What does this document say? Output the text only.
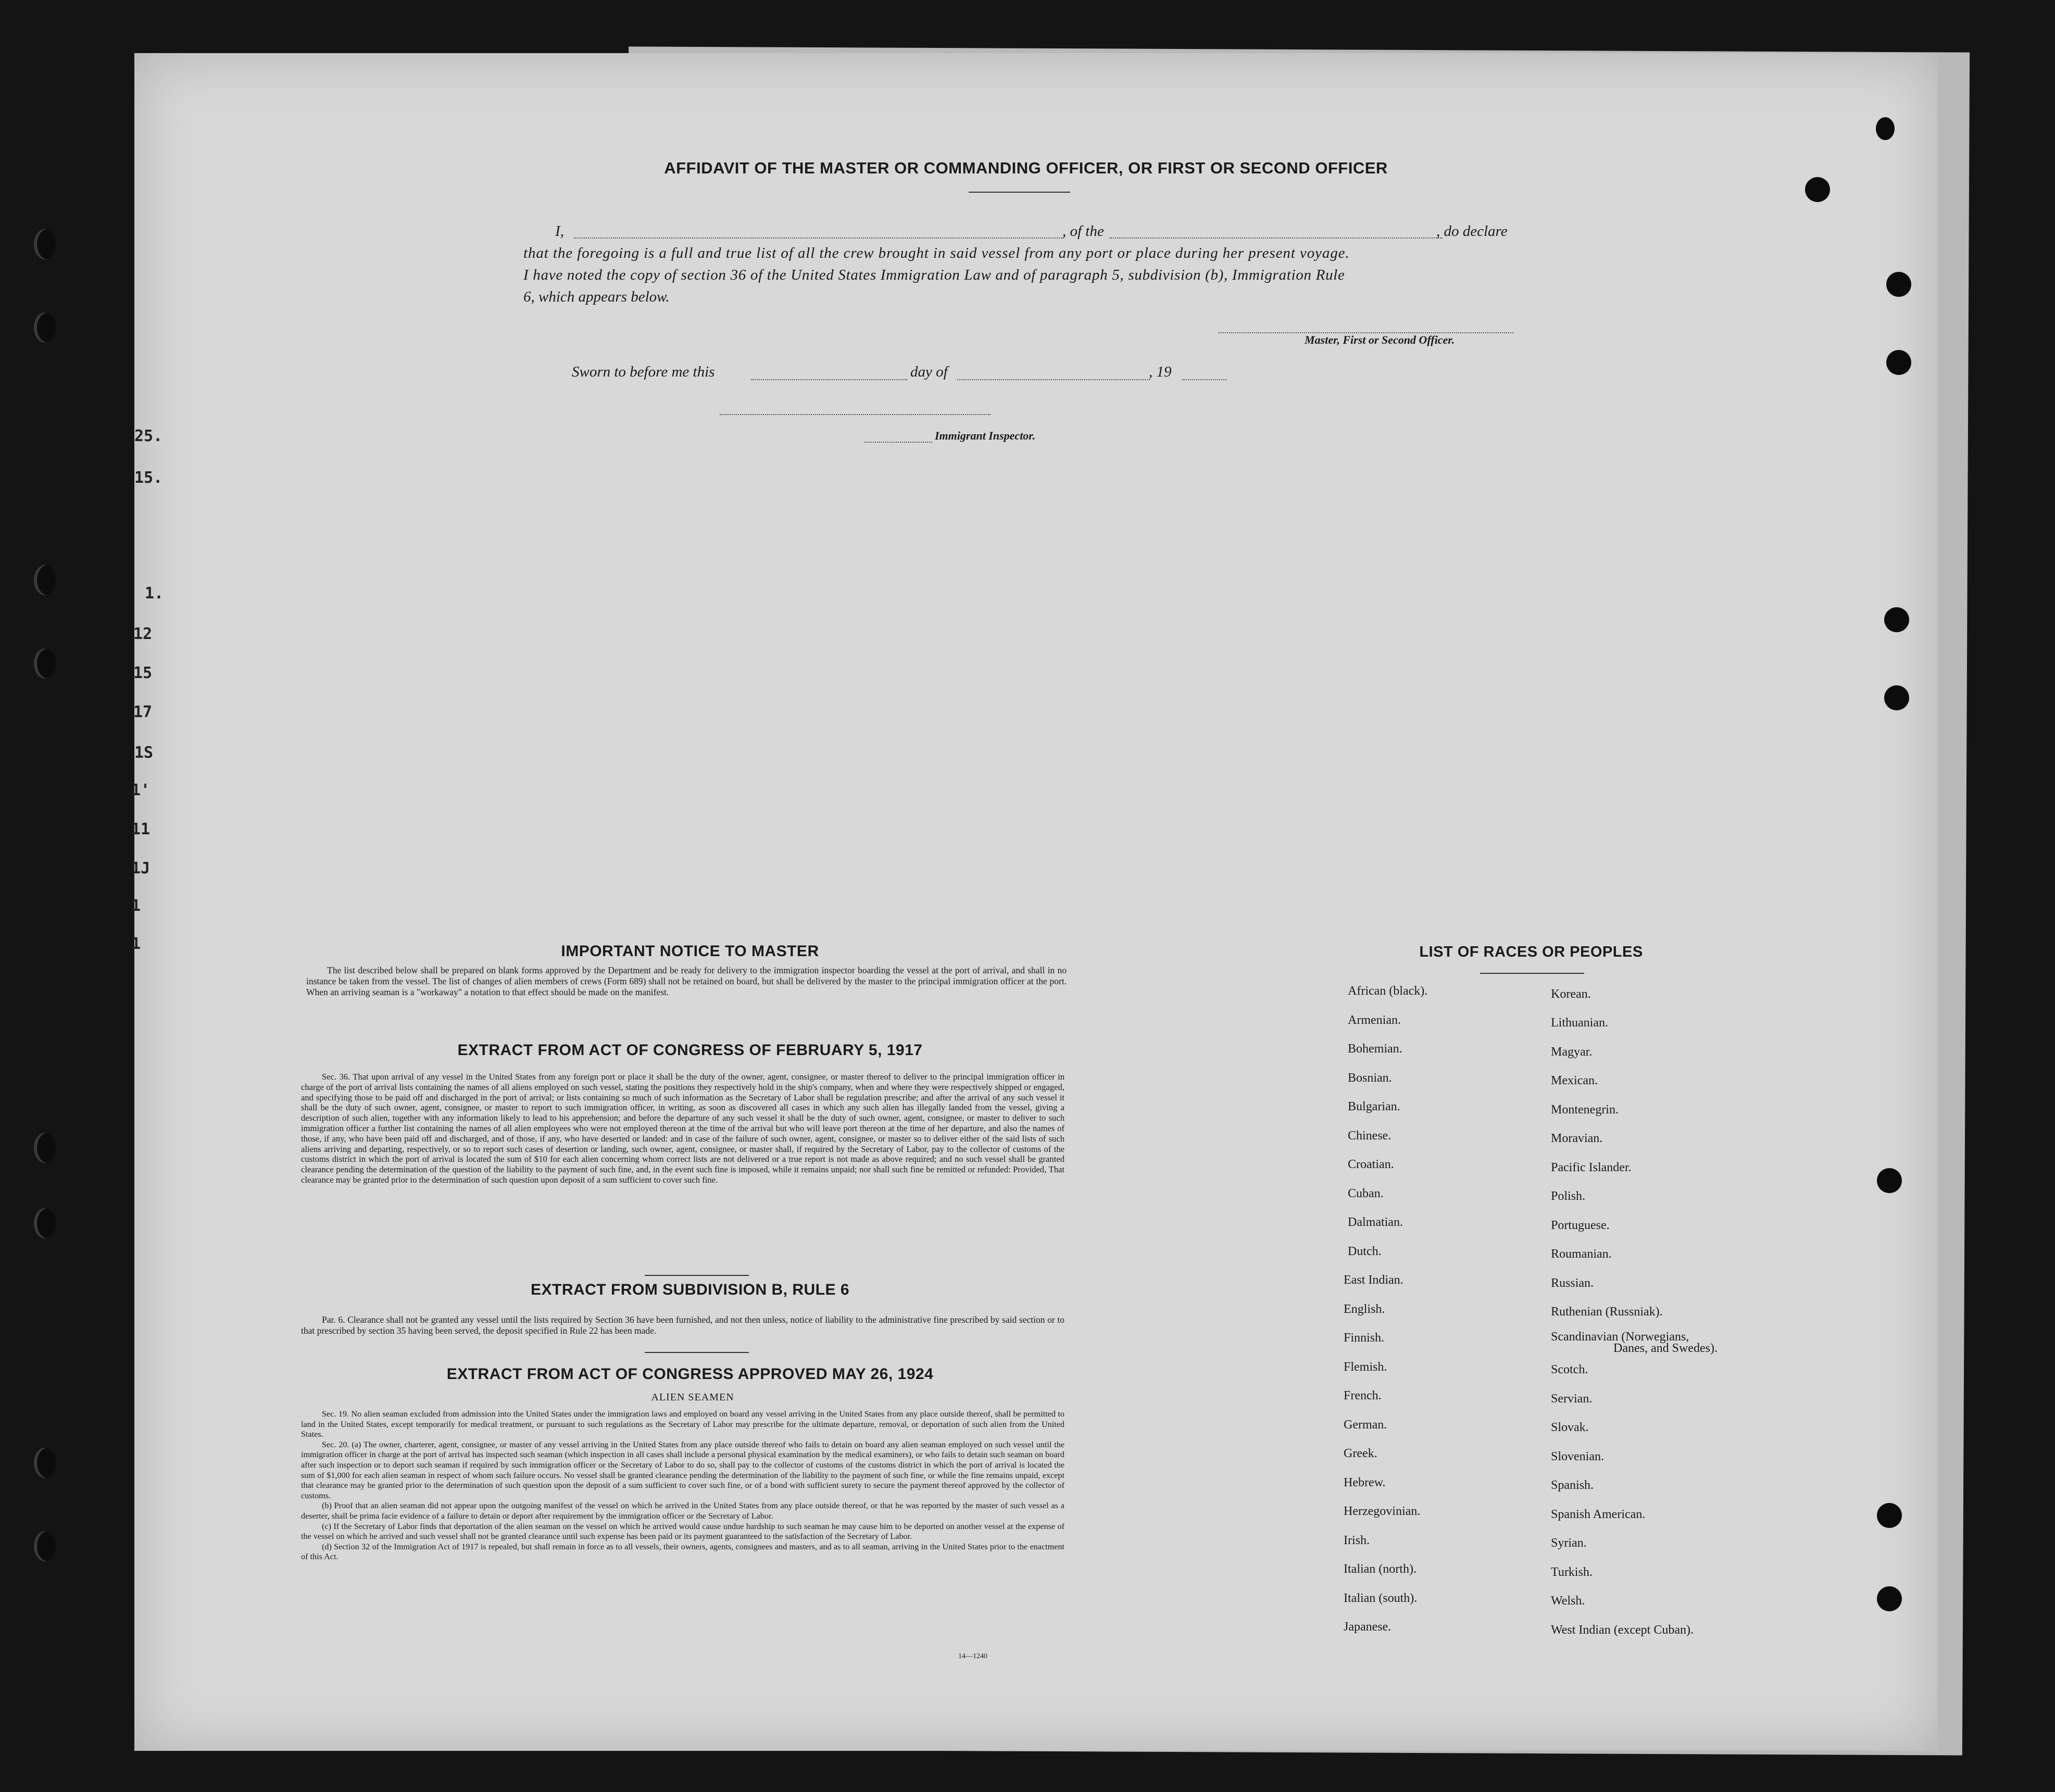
25.
15.
1.
12
15
17
1S
1'
11
1J
1
1
AFFIDAVIT OF THE MASTER OR COMMANDING OFFICER, OR FIRST OR SECOND OFFICER
I,	, of the	, do declare
that the foregoing is a full and true list of all the crew brought in said vessel from any port or place during her present voyage.
I have noted the copy of section 36 of the United States Immigration Law and of paragraph 5, subdivision (b), Immigration Rule
6, which appears below.
Master, First or Second Officer.
Sworn to before me this	day of	, 19
Immigrant Inspector.
IMPORTANT NOTICE TO MASTER

The list described below shall be prepared on blank forms approved by the Department and be ready for delivery to the immigration inspector boarding the vessel at the port of arrival, and shall in no instance be taken from the vessel. The list of changes of alien members of crews (Form 689) shall not be retained on board, but shall be delivered by the master to the principal immigration officer at the port. When an arriving seaman is a "workaway" a notation to that effect should be made on the manifest.

EXTRACT FROM ACT OF CONGRESS OF FEBRUARY 5, 1917

Sec. 36. That upon arrival of any vessel in the United States from any foreign port or place it shall be the duty of the owner, agent, consignee, or master thereof to deliver to the principal immigration officer in charge of the port of arrival lists containing the names of all aliens employed on such vessel, stating the positions they respectively hold in the ship's company, when and where they were respectively shipped or engaged, and specifying those to be paid off and discharged in the port of arrival; or lists containing so much of such information as the Secretary of Labor shall be regulation prescribe; and after the arrival of any such vessel it shall be the duty of such owner, agent, consignee, or master to report to such immigration officer, in writing, as soon as discovered all cases in which any such alien has illegally landed from the vessel, giving a description of such alien, together with any information likely to lead to his apprehension; and before the departure of any such vessel it shall be the duty of such owner, agent, consignee, or master to deliver to such immigration officer a further list containing the names of all alien employees who were not employed thereon at the time of the arrival but who will leave port thereon at the time of her departure, and also the names of those, if any, who have been paid off and discharged, and of those, if any, who have deserted or landed: and in case of the failure of such owner, agent, consignee, or master so to deliver either of the said lists of such aliens arriving and departing, respectively, or so to report such cases of desertion or landing, such owner, agent, consignee, or master shall, if required by the Secretary of Labor, pay to the collector of customs of the customs district in which the port of arrival is located the sum of $10 for each alien concerning whom correct lists are not delivered or a true report is not made as above required; and no such vessel shall be granted clearance pending the determination of the question of the liability to the payment of such fine, and, in the event such fine is imposed, while it remains unpaid; nor shall such fine be remitted or refunded: Provided, That clearance may be granted prior to the determination of such question upon deposit of a sum sufficient to cover such fine.

EXTRACT FROM SUBDIVISION B, RULE 6

Par. 6. Clearance shall not be granted any vessel until the lists required by Section 36 have been furnished, and not then unless, notice of liability to the administrative fine prescribed by said section or to that prescribed by section 35 having been served, the deposit specified in Rule 22 has been made.

EXTRACT FROM ACT OF CONGRESS APPROVED MAY 26, 1924
ALIEN SEAMEN

Sec. 19. No alien seaman excluded from admission into the United States under the immigration laws and employed on board any vessel arriving in the United States from any place outside thereof, shall be permitted to land in the United States, except temporarily for medical treatment, or pursuant to such regulations as the Secretary of Labor may prescribe for the ultimate departure, removal, or deportation of such alien from the United States.

Sec. 20. (a) The owner, charterer, agent, consignee, or master of any vessel arriving in the United States from any place outside thereof who fails to detain on board any alien seaman employed on such vessel until the immigration officer in charge at the port of arrival has inspected such seaman (which inspection in all cases shall include a personal physical examination by the medical examiners), or who fails to detain such seaman on board after such inspection or to deport such seaman if required by such immigration officer or the Secretary of Labor to do so, shall pay to the collector of customs of the customs district in which the port of arrival is located the sum of $1,000 for each alien seaman in respect of whom such failure occurs. No vessel shall be granted clearance pending the determination of the liability to the payment of such fine, or while the fine remains unpaid, except that clearance may be granted prior to the determination of such question upon the deposit of a sum sufficient to cover such fine, or of a bond with sufficient surety to secure the payment thereof approved by the collector of customs.

(b) Proof that an alien seaman did not appear upon the outgoing manifest of the vessel on which he arrived in the United States from any place outside thereof, or that he was reported by the master of such vessel as a deserter, shall be prima facie evidence of a failure to detain or deport after requirement by the immigration officer or the Secretary of Labor.

(c) If the Secretary of Labor finds that deportation of the alien seaman on the vessel on which he arrived would cause undue hardship to such seaman he may cause him to be deported on another vessel at the expense of the vessel on which he arrived and such vessel shall not be granted clearance until such expense has been paid or its payment guaranteed to the satisfaction of the Secretary of Labor.

(d) Section 32 of the Immigration Act of 1917 is repealed, but shall remain in force as to all vessels, their owners, agents, consignees and masters, and as to all seaman, arriving in the United States prior to the enactment of this Act.

14—1240
LIST OF RACES OR PEOPLES
African (black).
Armenian.
Bohemian.
Bosnian.
Bulgarian.
Chinese.
Croatian.
Cuban.
Dalmatian.
Dutch.
East Indian.
English.
Finnish.
Flemish.
French.
German.
Greek.
Hebrew.
Herzegovinian.
Irish.
Italian (north).
Italian (south).
Japanese.
Korean.
Lithuanian.
Magyar.
Mexican.
Montenegrin.
Moravian.
Pacific Islander.
Polish.
Portuguese.
Roumanian.
Russian.
Ruthenian (Russniak).
Scandinavian (Norwegians,
Scotch.
Servian.
Slovak.
Slovenian.
Spanish.
Spanish American.
Syrian.
Turkish.
Welsh.
West Indian (except Cuban).
Danes, and Swedes).
